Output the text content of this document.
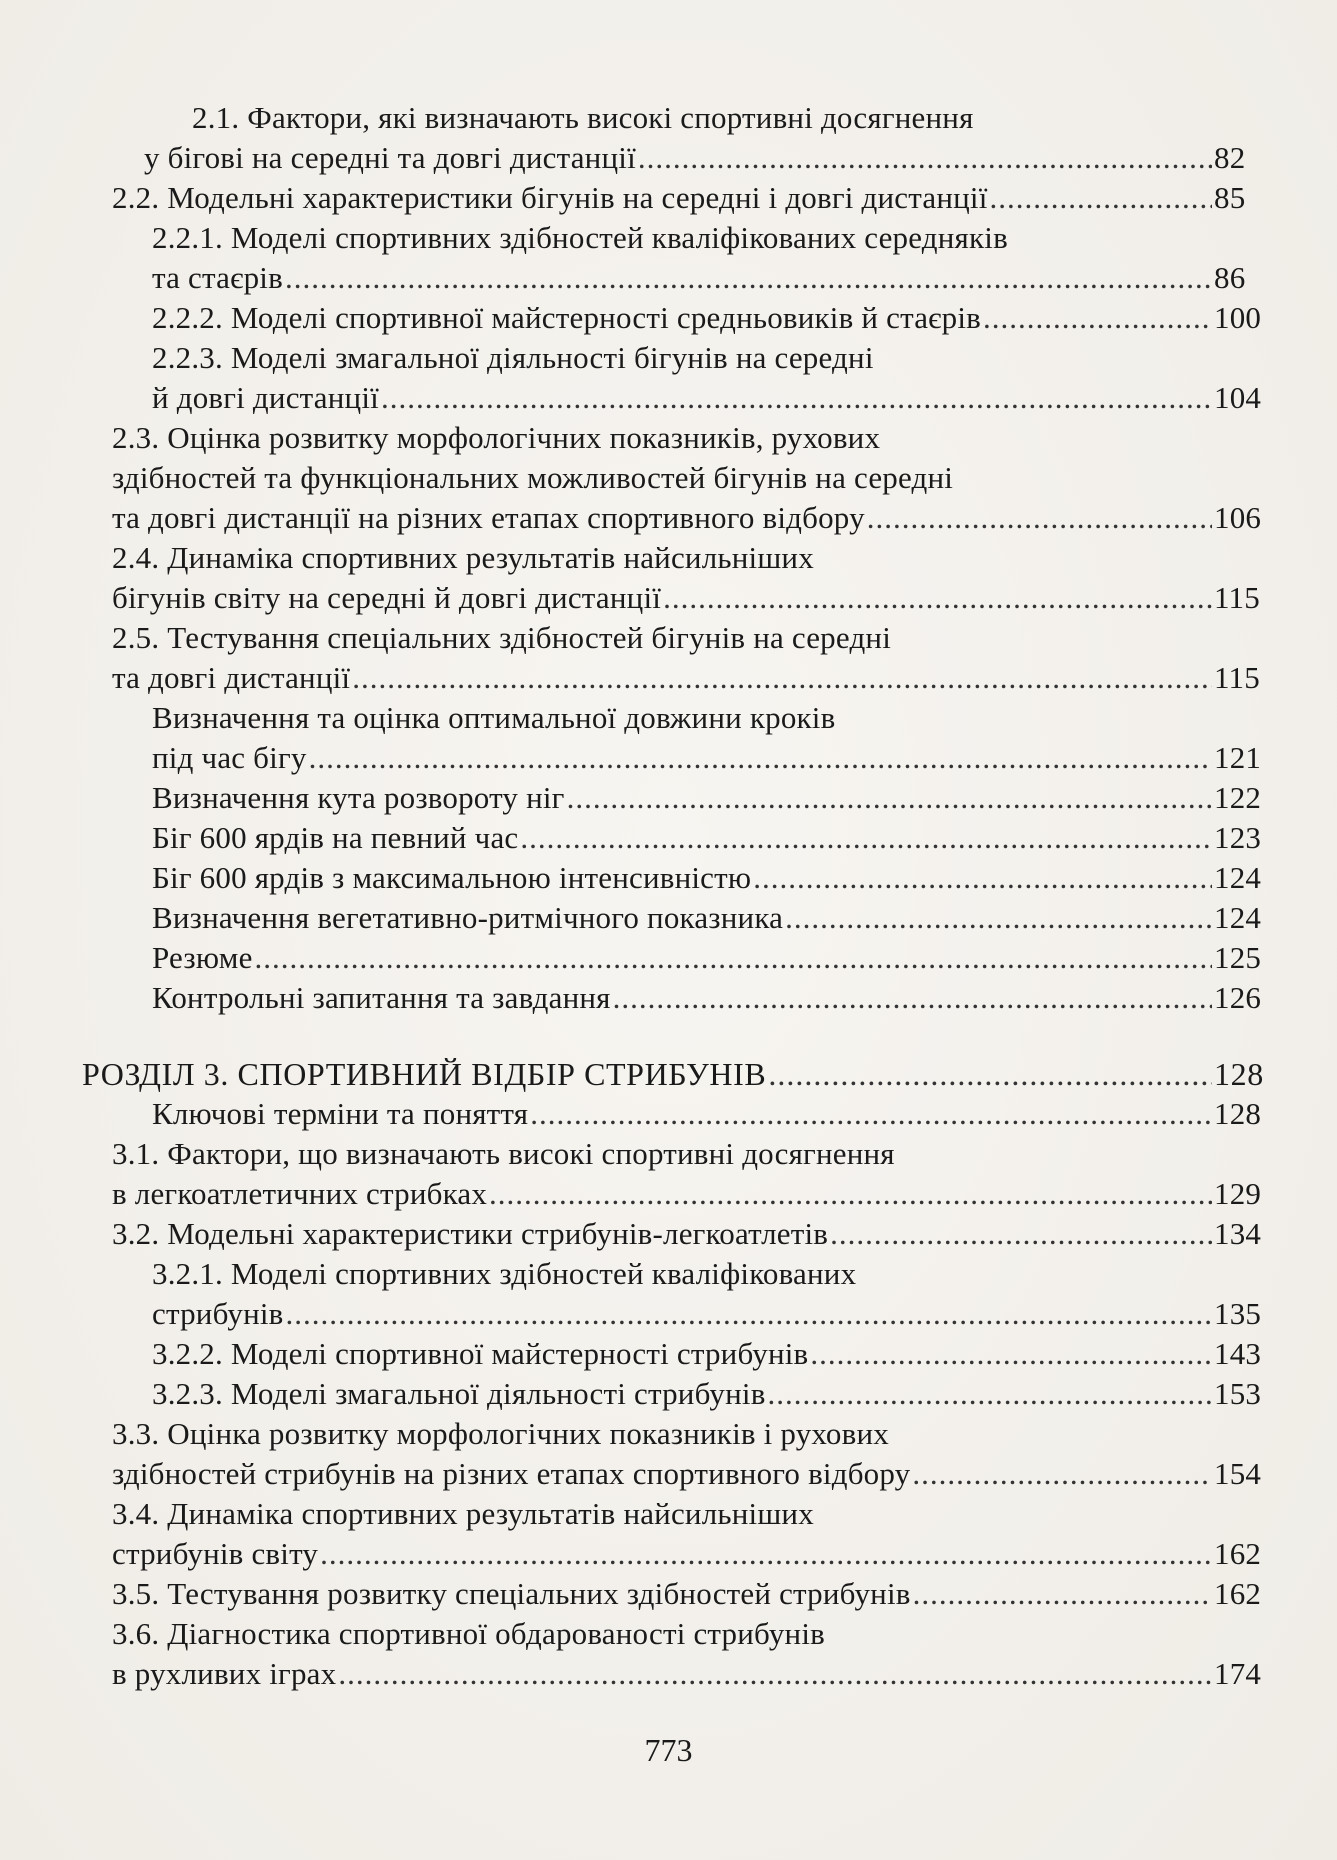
2.1. Фактори, які визначають високі спортивні досягнення
у бігові на середні та довгі дистанції .....	82
2.2. Модельні характеристики бігунів на середні і довгі дистанції .....	85
2.2.1. Моделі спортивних здібностей кваліфікованих середняків
та стаєрів .....	86
2.2.2. Моделі спортивної майстерності средньовиків й стаєрів .....	100
2.2.3. Моделі змагальної діяльності бігунів на середні
й довгі дистанції .....	104
2.3. Оцінка розвитку морфологічних показників, рухових
здібностей та функціональних можливостей бігунів на середні
та довгі дистанції на різних етапах спортивного відбору .....	106
2.4. Динаміка спортивних результатів найсильніших
бігунів світу на середні й довгі дистанції .....	115
2.5. Тестування спеціальних здібностей бігунів на середні
та довгі дистанції .....	115
Визначення та оцінка оптимальної довжини кроків
під час бігу .....	121
Визначення кута розвороту ніг .....	122
Біг 600 ярдів на певний час .....	123
Біг 600 ярдів з максимальною інтенсивністю .....	124
Визначення вегетативно-ритмічного показника .....	124
Резюме .....	125
Контрольні запитання та завдання .....	126
РОЗДІЛ 3. СПОРТИВНИЙ ВІДБІР СТРИБУНІВ .....	128
Ключові терміни та поняття .....	128
3.1. Фактори, що визначають високі спортивні досягнення
в легкоатлетичних стрибках .....	129
3.2. Модельні характеристики стрибунів-легкоатлетів .....	134
3.2.1. Моделі спортивних здібностей кваліфікованих
стрибунів .....	135
3.2.2. Моделі спортивної майстерності стрибунів .....	143
3.2.3. Моделі змагальної діяльності стрибунів .....	153
3.3. Оцінка розвитку морфологічних показників і рухових
здібностей стрибунів на різних етапах спортивного відбору .....	154
3.4. Динаміка спортивних результатів найсильніших
стрибунів світу .....	162
3.5. Тестування розвитку спеціальних здібностей стрибунів .....	162
3.6. Діагностика спортивної обдарованості стрибунів
в рухливих іграх .....	174
773
